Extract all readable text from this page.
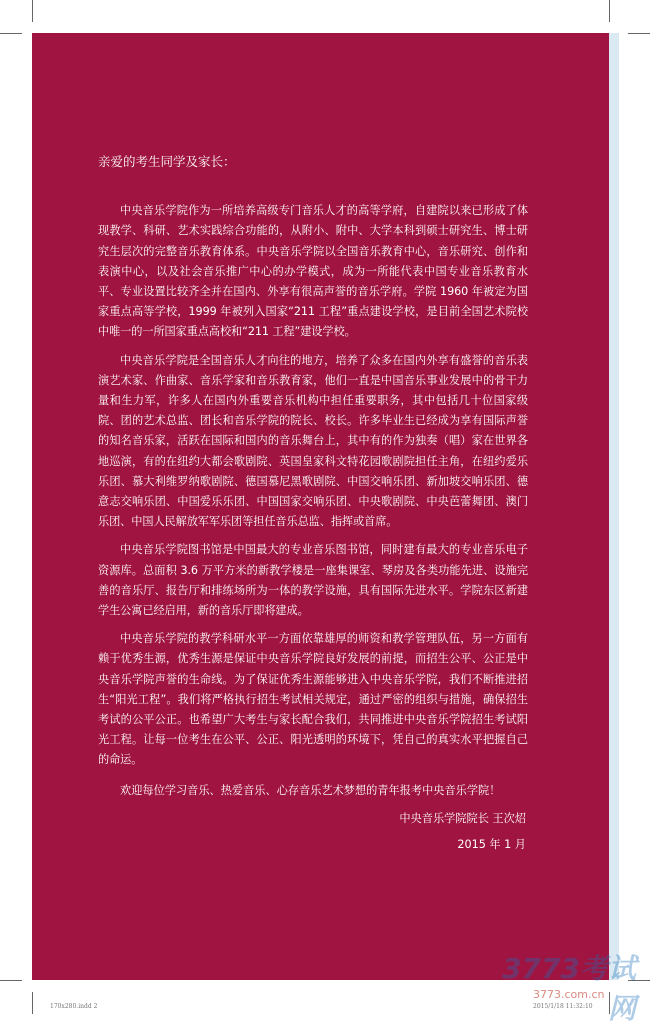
亲爱的考生同学及家长：

中央音乐学院作为一所培养高级专门音乐人才的高等学府，自建院以来已形成了体现教学、科研、艺术实践综合功能的，从附小、附中、大学本科到硕士研究生、博士研究生层次的完整音乐教育体系。中央音乐学院以全国音乐教育中心，音乐研究、创作和表演中心，以及社会音乐推广中心的办学模式，成为一所能代表中国专业音乐教育水平、专业设置比较齐全并在国内、外享有很高声誉的音乐学府。学院 1960 年被定为国家重点高等学校，1999 年被列入国家“211 工程”重点建设学校，是目前全国艺术院校中唯一的一所国家重点高校和“211 工程”建设学校。

中央音乐学院是全国音乐人才向往的地方，培养了众多在国内外享有盛誉的音乐表演艺术家、作曲家、音乐学家和音乐教育家，他们一直是中国音乐事业发展中的骨干力量和生力军，许多人在国内外重要音乐机构中担任重要职务，其中包括几十位国家级院、团的艺术总监、团长和音乐学院的院长、校长。许多毕业生已经成为享有国际声誉的知名音乐家，活跃在国际和国内的音乐舞台上，其中有的作为独奏（唱）家在世界各地巡演，有的在纽约大都会歌剧院、英国皇家科文特花园歌剧院担任主角，在纽约爱乐乐团、慕大利维罗纳歌剧院、德国慕尼黑歌剧院、中国交响乐团、新加坡交响乐团、德意志交响乐团、中国爱乐乐团、中国国家交响乐团、中央歌剧院、中央芭蕾舞团、澳门乐团、中国人民解放军军乐团等担任音乐总监、指挥或首席。

中央音乐学院图书馆是中国最大的专业音乐图书馆，同时建有最大的专业音乐电子资源库。总面积 3.6 万平方米的新教学楼是一座集课室、琴房及各类功能先进、设施完善的音乐厅、报告厅和排练场所为一体的教学设施，具有国际先进水平。学院东区新建学生公寓已经启用，新的音乐厅即将建成。

中央音乐学院的教学科研水平一方面依靠雄厚的师资和教学管理队伍，另一方面有赖于优秀生源，优秀生源是保证中央音乐学院良好发展的前提，而招生公平、公正是中央音乐学院声誉的生命线。为了保证优秀生源能够进入中央音乐学院，我们不断推进招生“阳光工程”。我们将严格执行招生考试相关规定，通过严密的组织与措施，确保招生考试的公平公正。也希望广大考生与家长配合我们，共同推进中央音乐学院招生考试阳光工程。让每一位考生在公平、公正、阳光透明的环境下，凭自己的真实水平把握自己的命运。

欢迎每位学习音乐、热爱音乐、心存音乐艺术梦想的青年报考中央音乐学院！

中央音乐学院院长 王次炤

2015 年 1 月

3773考试网
3773.com.cn
170x280.indd 2	2015/1/18 11:32:10
